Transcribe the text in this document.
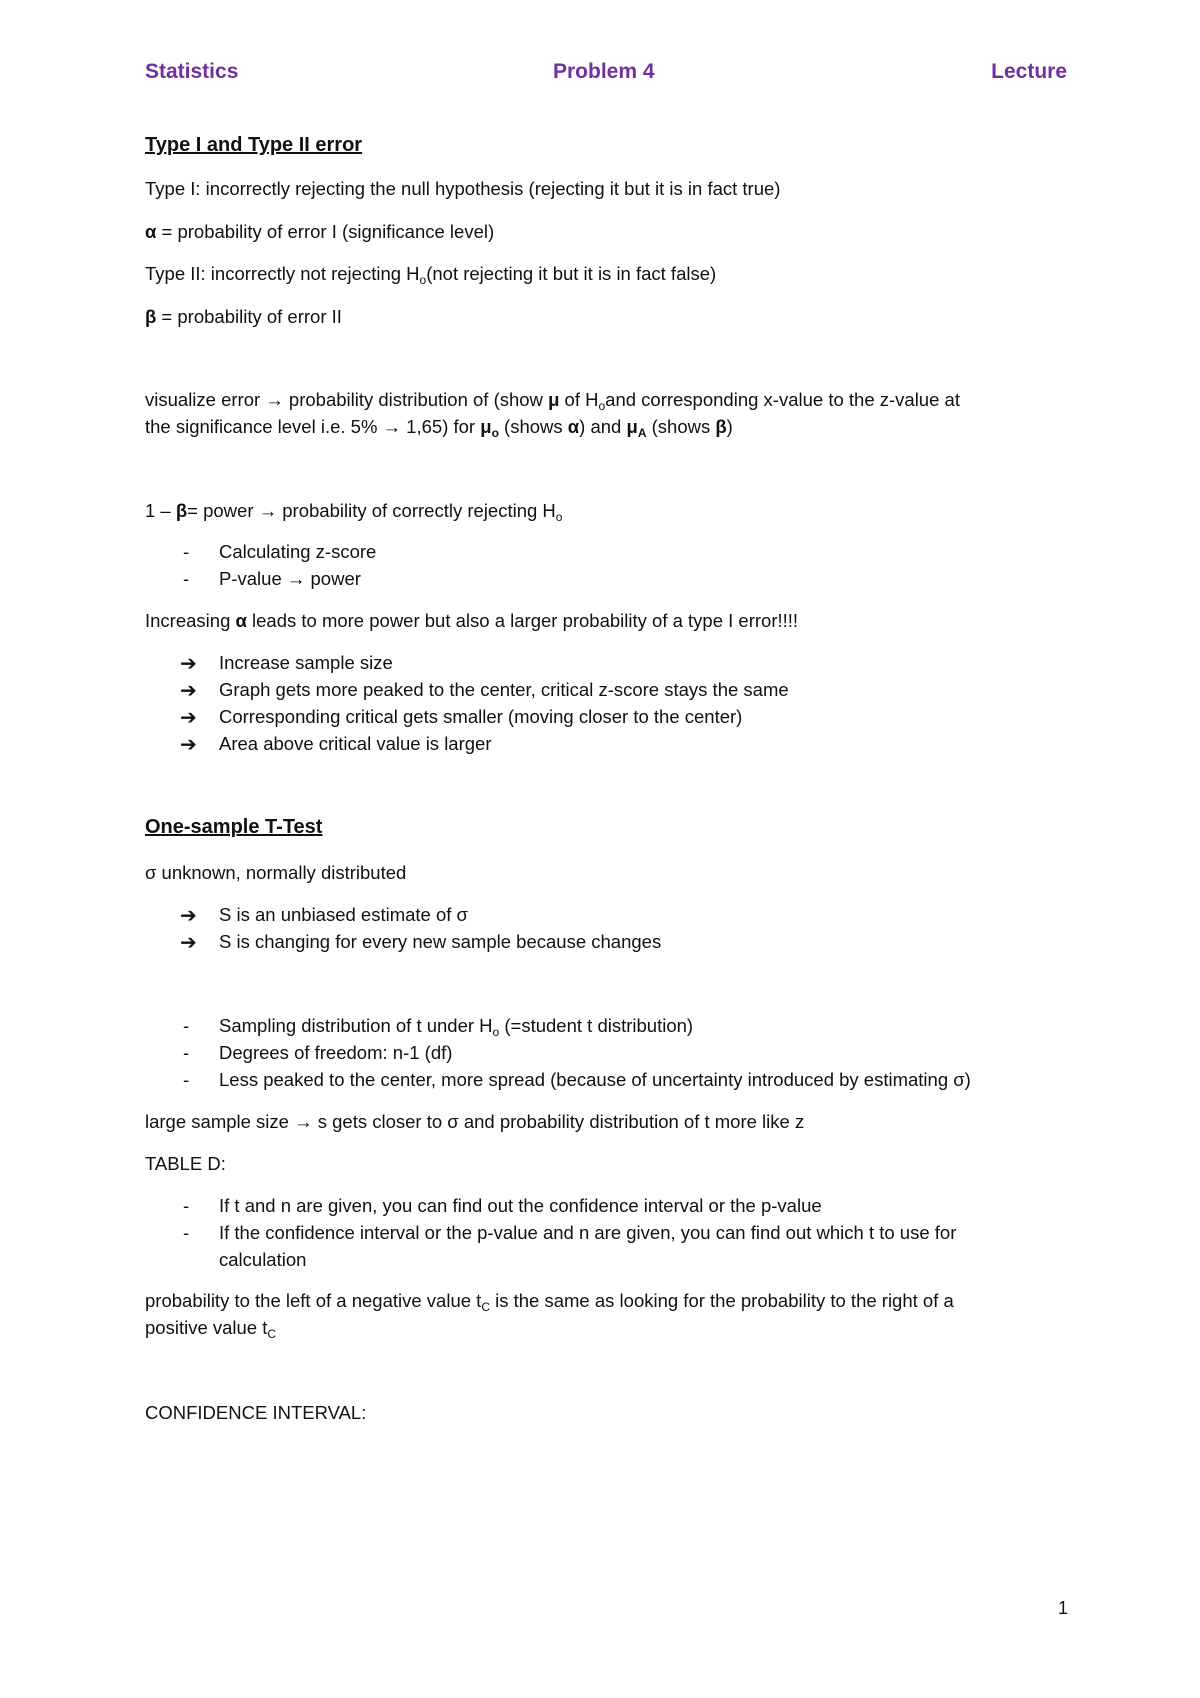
Statistics	Problem 4	Lecture
Type I and Type II error
Type I: incorrectly rejecting the null hypothesis (rejecting it but it is in fact true)
α = probability of error I (significance level)
Type II: incorrectly not rejecting $H_o(not$ rejecting it but it is in fact false)
β = probability of error II
visualize error → probability distribution of (show μ of $H_oand$ corresponding x-value to the z-value at
the significance level i.e. 5% → 1,65) for $\mu_o$ (shows α) and $\mu_A$ (shows β)
1 – β= power → probability of correctly rejecting $H_o$
- Calculating z-score
- P-value → power
Increasing α leads to more power but also a larger probability of a type I error!!!!
➔ Increase sample size
➔ Graph gets more peaked to the center, critical z-score stays the same
➔ Corresponding critical gets smaller (moving closer to the center)
➔ Area above critical value is larger
One-sample T-Test
σ unknown, normally distributed
➔ S is an unbiased estimate of σ
➔ S is changing for every new sample because changes
- Sampling distribution of t under $H_o$ (=student t distribution)
- Degrees of freedom: n-1 (df)
- Less peaked to the center, more spread (because of uncertainty introduced by estimating σ)
large sample size → s gets closer to σ and probability distribution of t more like z
TABLE D:
- If t and n are given, you can find out the confidence interval or the p-value
- If the confidence interval or the p-value and n are given, you can find out which t to use for
calculation
probability to the left of a negative value $t_C$ is the same as looking for the probability to the right of a
positive value $t_C$
CONFIDENCE INTERVAL:
1
